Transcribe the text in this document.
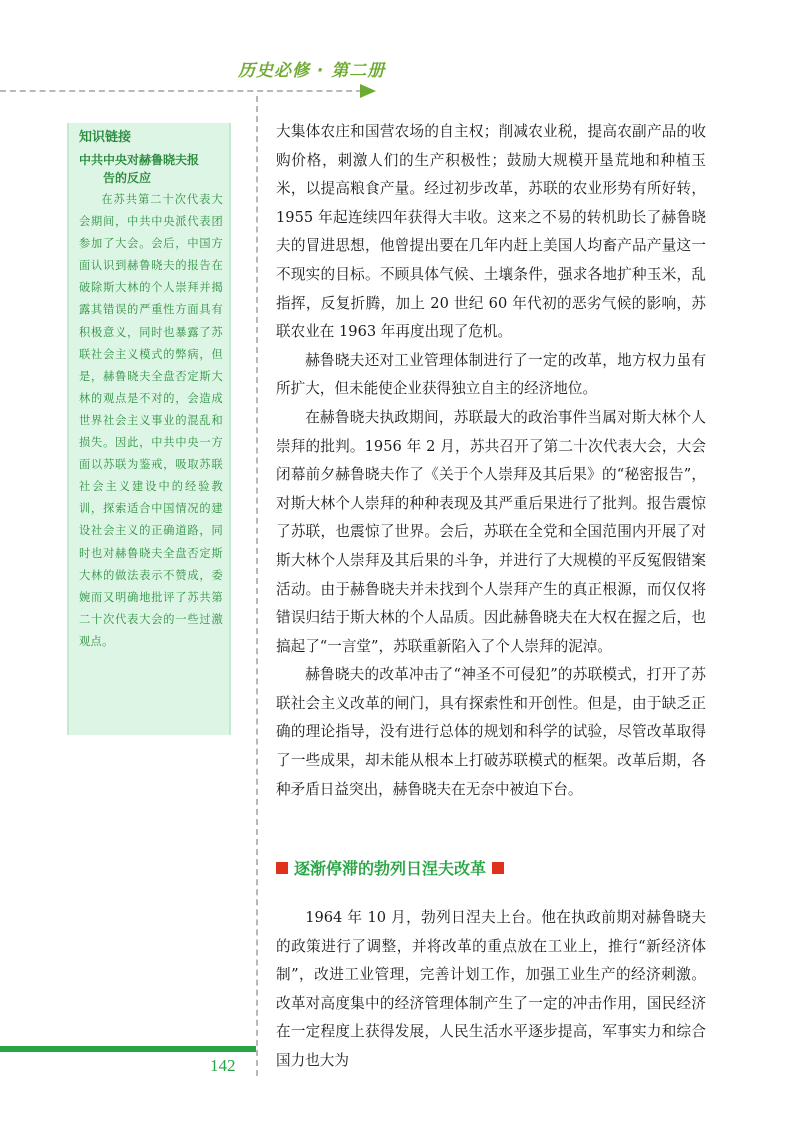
历史必修 · 第二册
知识链接
中共中央对赫鲁晓夫报
告的反应
在苏共第二十次代表大会期间，中共中央派代表团参加了大会。会后，中国方面认识到赫鲁晓夫的报告在破除斯大林的个人崇拜并揭露其错误的严重性方面具有积极意义，同时也暴露了苏联社会主义模式的弊病，但是，赫鲁晓夫全盘否定斯大林的观点是不对的，会造成世界社会主义事业的混乱和损失。因此，中共中央一方面以苏联为鉴戒，吸取苏联社会主义建设中的经验教训，探索适合中国情况的建设社会主义的正确道路，同时也对赫鲁晓夫全盘否定斯大林的做法表示不赞成，委婉而又明确地批评了苏共第二十次代表大会的一些过激观点。

大集体农庄和国营农场的自主权；削减农业税，提高农副产品的收购价格，刺激人们的生产积极性；鼓励大规模开垦荒地和种植玉米，以提高粮食产量。经过初步改革，苏联的农业形势有所好转，1955 年起连续四年获得大丰收。这来之不易的转机助长了赫鲁晓夫的冒进思想，他曾提出要在几年内赶上美国人均畜产品产量这一不现实的目标。不顾具体气候、土壤条件，强求各地扩种玉米，乱指挥，反复折腾，加上 20 世纪 60 年代初的恶劣气候的影响，苏联农业在 1963 年再度出现了危机。

赫鲁晓夫还对工业管理体制进行了一定的改革，地方权力虽有所扩大，但未能使企业获得独立自主的经济地位。

在赫鲁晓夫执政期间，苏联最大的政治事件当属对斯大林个人崇拜的批判。1956 年 2 月，苏共召开了第二十次代表大会，大会闭幕前夕赫鲁晓夫作了《关于个人崇拜及其后果》的“秘密报告”，对斯大林个人崇拜的种种表现及其严重后果进行了批判。报告震惊了苏联，也震惊了世界。会后，苏联在全党和全国范围内开展了对斯大林个人崇拜及其后果的斗争，并进行了大规模的平反冤假错案活动。由于赫鲁晓夫并未找到个人崇拜产生的真正根源，而仅仅将错误归结于斯大林的个人品质。因此赫鲁晓夫在大权在握之后，也搞起了“一言堂”，苏联重新陷入了个人崇拜的泥淖。

赫鲁晓夫的改革冲击了“神圣不可侵犯”的苏联模式，打开了苏联社会主义改革的闸门，具有探索性和开创性。但是，由于缺乏正确的理论指导，没有进行总体的规划和科学的试验，尽管改革取得了一些成果，却未能从根本上打破苏联模式的框架。改革后期，各种矛盾日益突出，赫鲁晓夫在无奈中被迫下台。

逐渐停滞的勃列日涅夫改革

1964 年 10 月，勃列日涅夫上台。他在执政前期对赫鲁晓夫的政策进行了调整，并将改革的重点放在工业上，推行“新经济体制”，改进工业管理，完善计划工作，加强工业生产的经济刺激。改革对高度集中的经济管理体制产生了一定的冲击作用，国民经济在一定程度上获得发展，人民生活水平逐步提高，军事实力和综合国力也大为

142
